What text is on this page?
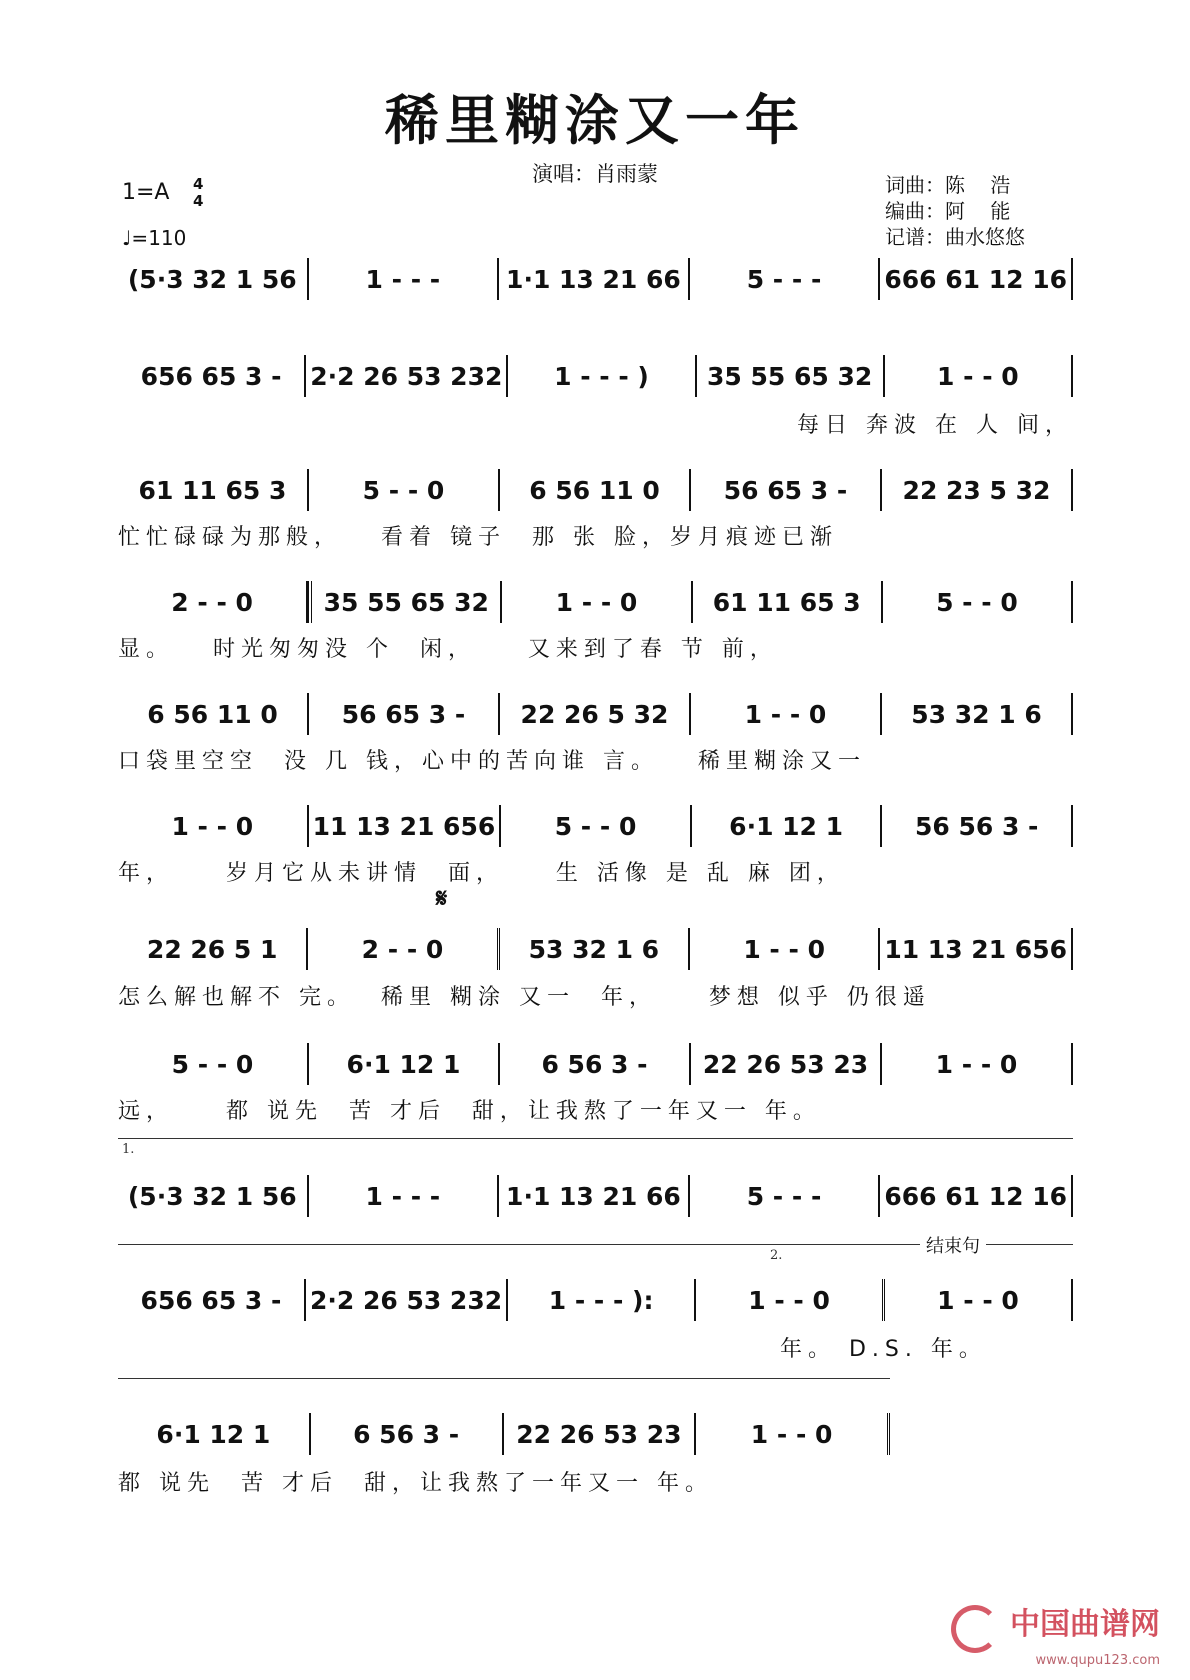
稀里糊涂又一年
演唱：肖雨蒙
1=A 4
4
♩=110
词曲：陈    浩
编曲：阿    能
记谱：曲水悠悠
(5·3 32 1 56	1 - - -	1·1 13 21 66	5 - - -	666 61 12 16
656 65 3 -	2·2 26 53 232	1 - - - )	35 55 65 32	1 - - 0
每日 奔波 在 人 间，
61 11 65 3	5 - - 0	6 56 11 0	56 65 3 -	22 23 5 32
忙忙碌碌为那般，   看着 镜子  那 张 脸，岁月痕迹已渐
2 - - 0	35 55 65 32	1 - - 0	61 11 65 3	5 - - 0
显。   时光匆匆没 个  闲，    又来到了春 节 前，
6 56 11 0	56 65 3 -	22 26 5 32	1 - - 0	53 32 1 6
口袋里空空  没 几 钱，心中的苦向谁 言。   稀里糊涂又一
1 - - 0	11 13 21 656	5 - - 0	6·1 12 1	56 56 3 -
年，    岁月它从未讲情  面，    生 活像 是 乱 麻 团，
𝄋
22 26 5 1	2 - - 0	53 32 1 6	1 - - 0	11 13 21 656
怎么解也解不 完。  稀里 糊涂 又一  年，    梦想 似乎 仍很遥
5 - - 0	6·1 12 1	6 56 3 -	22 26 53 23	1 - - 0
远，    都 说先  苦 才后  甜，让我熬了一年又一 年。
1.
(5·3 32 1 56	1 - - -	1·1 13 21 66	5 - - -	666 61 12 16
2.	结束句
656 65 3 -	2·2 26 53 232	1 - - - ):	1 - - 0	1 - - 0
年。 D.S. 年。
6·1 12 1	6 56 3 -	22 26 53 23	1 - - 0
都 说先  苦 才后  甜，让我熬了一年又一 年。
中国曲谱网
www.qupu123.com
